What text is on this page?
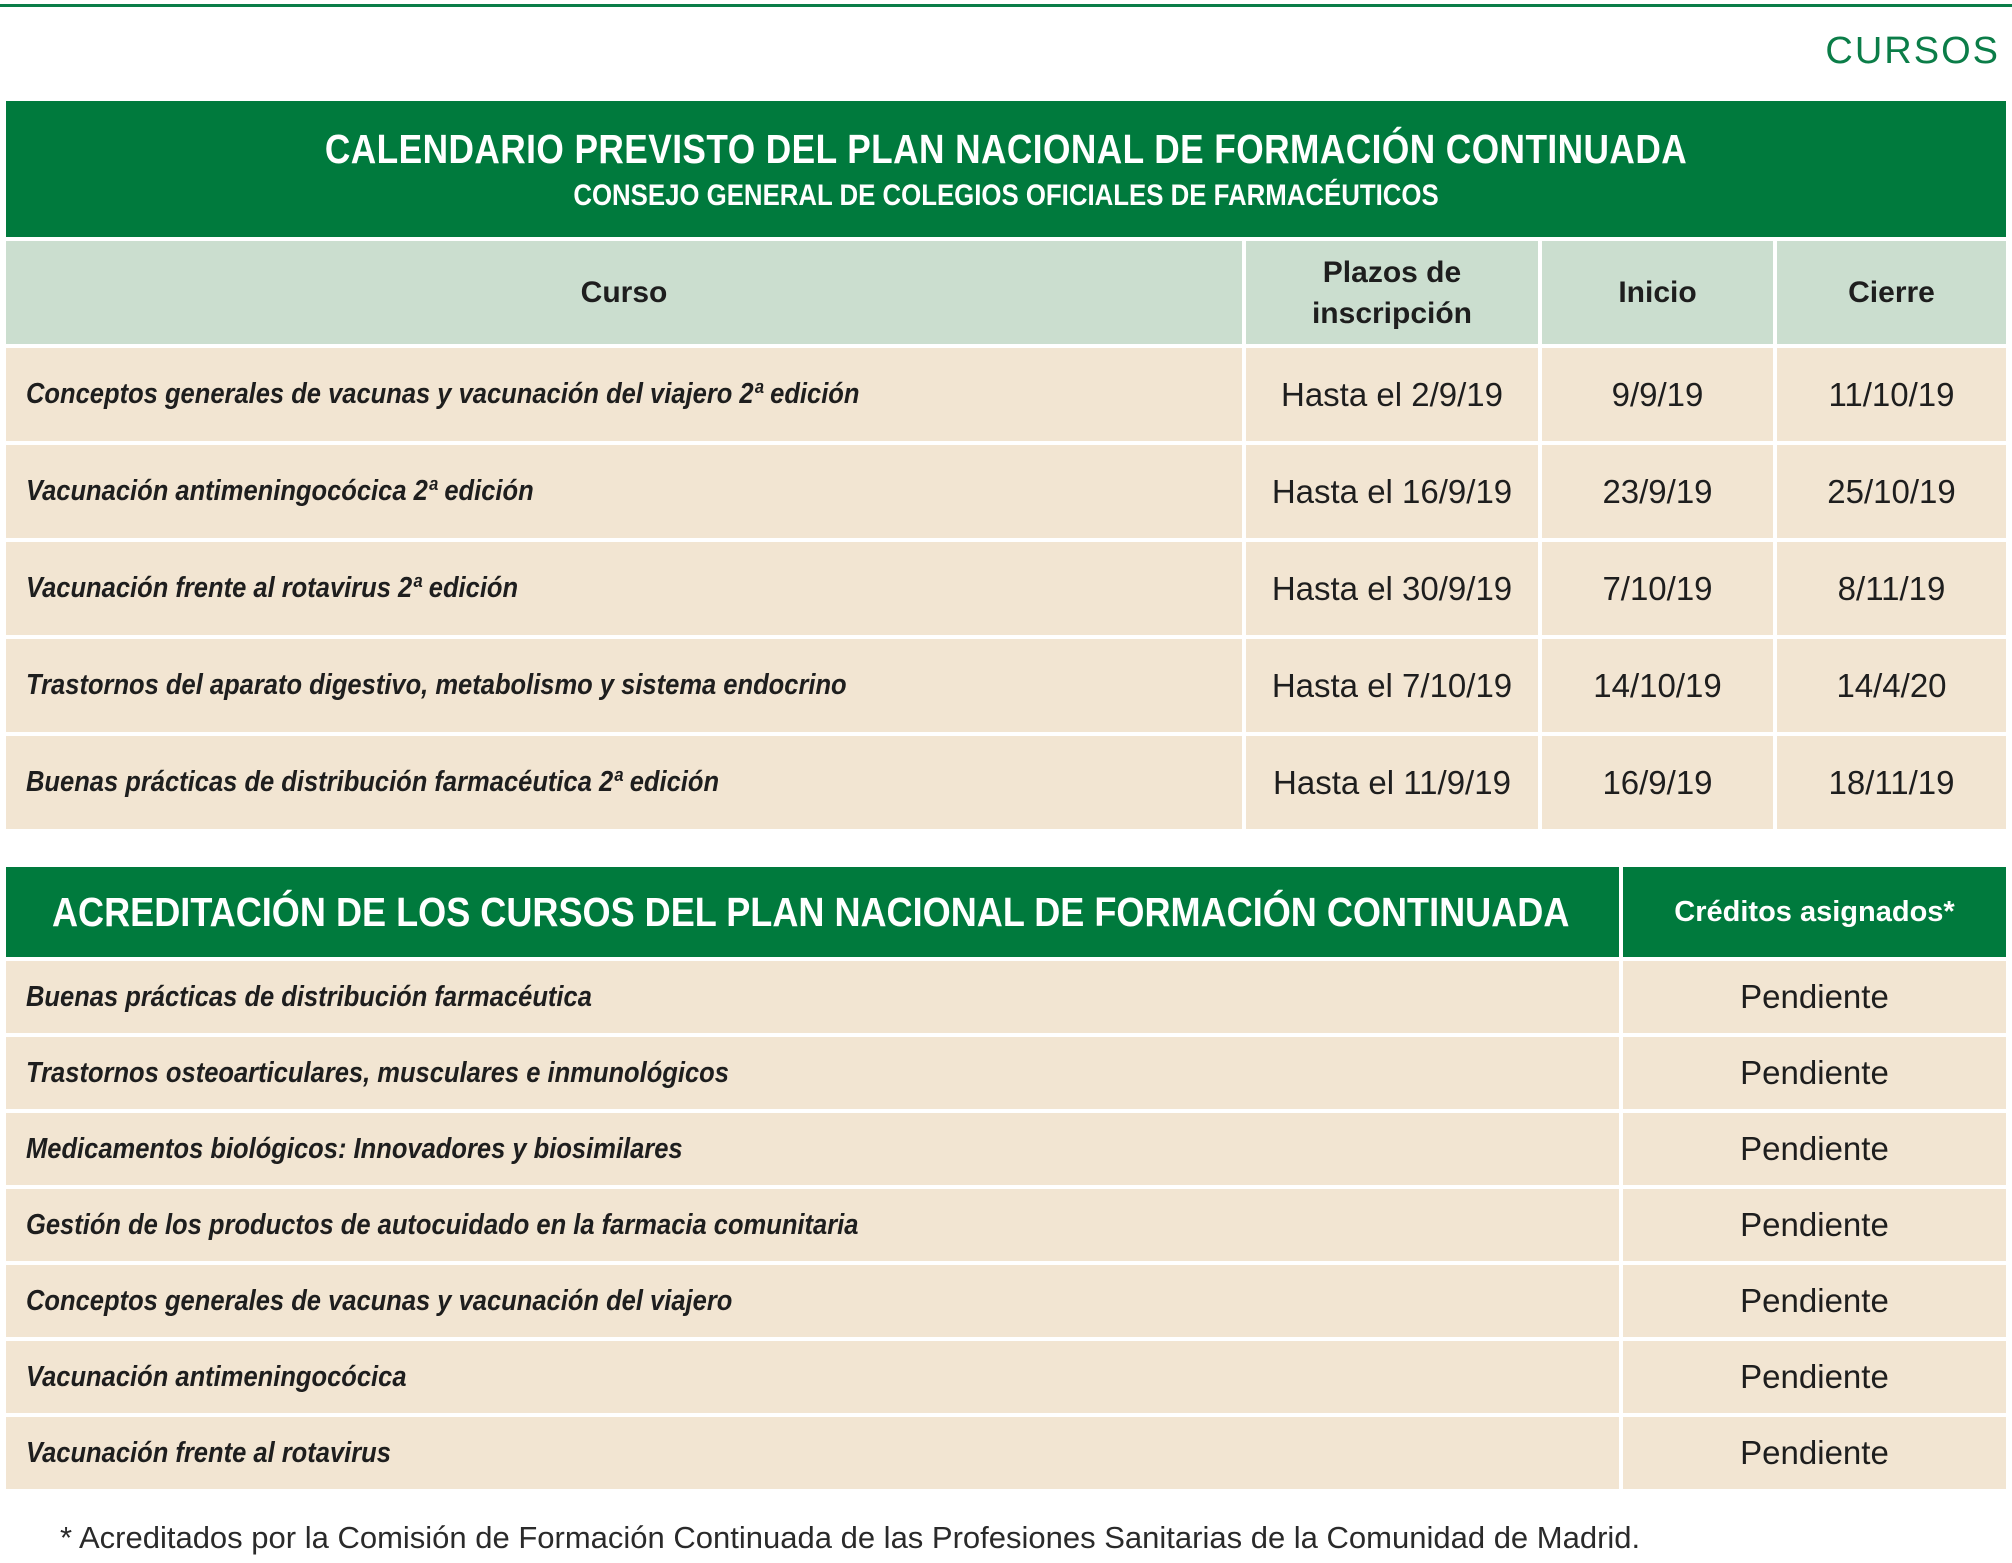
CURSOS
CALENDARIO PREVISTO DEL PLAN NACIONAL DE FORMACIÓN CONTINUADA
CONSEJO GENERAL DE COLEGIOS OFICIALES DE FARMACÉUTICOS			

Curso	Plazos de inscripción	Inicio	Cierre
Conceptos generales de vacunas y vacunación del viajero 2ª edición	Hasta el 2/9/19	9/9/19	11/10/19
Vacunación antimeningocócica 2ª edición	Hasta el 16/9/19	23/9/19	25/10/19
Vacunación frente al rotavirus 2ª edición	Hasta el 30/9/19	7/10/19	8/11/19
Trastornos del aparato digestivo, metabolismo y sistema endocrino	Hasta el 7/10/19	14/10/19	14/4/20
Buenas prácticas de distribución farmacéutica 2ª edición	Hasta el 11/9/19	16/9/19	18/11/19
ACREDITACIÓN DE LOS CURSOS DEL PLAN NACIONAL DE FORMACIÓN CONTINUADA	Créditos asignados*
Buenas prácticas de distribución farmacéutica	Pendiente
Trastornos osteoarticulares, musculares e inmunológicos	Pendiente
Medicamentos biológicos: Innovadores y biosimilares	Pendiente
Gestión de los productos de autocuidado en la farmacia comunitaria	Pendiente
Conceptos generales de vacunas y vacunación del viajero	Pendiente
Vacunación antimeningocócica	Pendiente
Vacunación frente al rotavirus	Pendiente
* Acreditados por la Comisión de Formación Continuada de las Profesiones Sanitarias de la Comunidad de Madrid.
